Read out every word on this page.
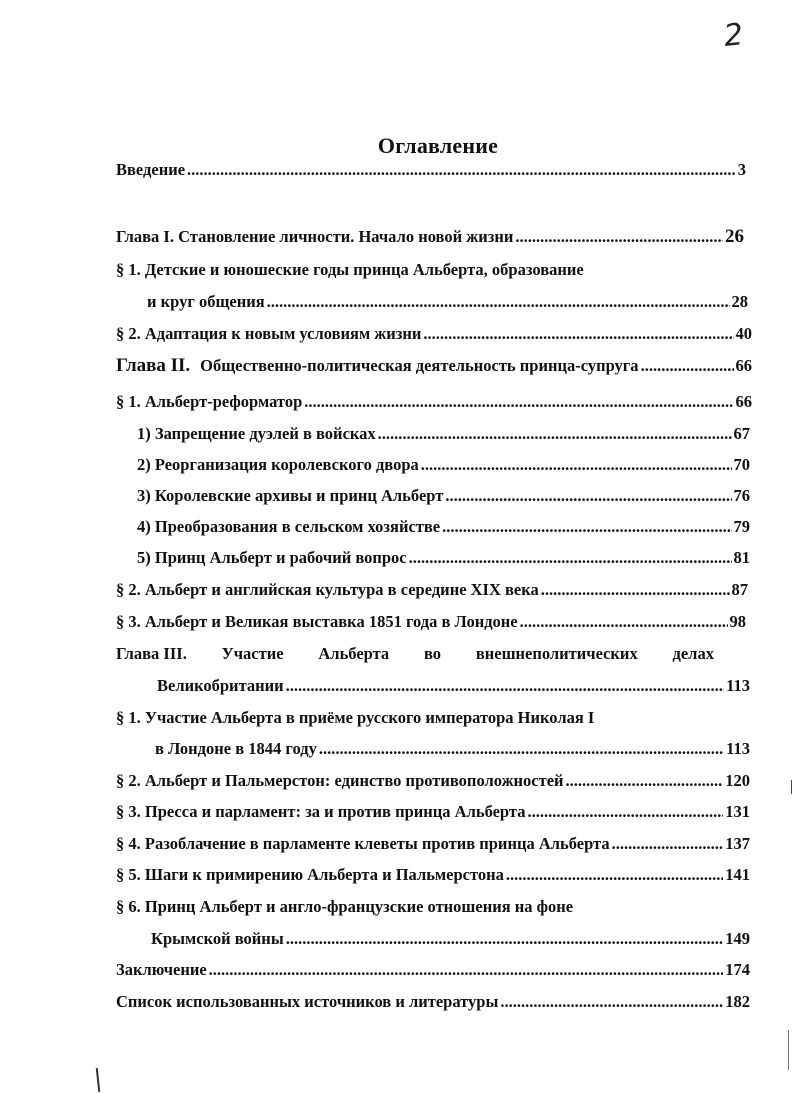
2
Оглавление
Введение .....	3
Глава I. Становление личности. Начало новой жизни .....	26
§ 1. Детские и юношеские годы принца Альберта, образование
и круг общения .....	28
§ 2. Адаптация к новым условиям жизни .....	40
Глава II. Общественно-политическая деятельность принца-супруга .....	66
§ 1. Альберт-реформатор .....	66
1) Запрещение дуэлей в войсках .....	67
2) Реорганизация королевского двора .....	70
3) Королевские архивы и принц Альберт .....	76
4) Преобразования в сельском хозяйстве .....	79
5) Принц Альберт и рабочий вопрос .....	81
§ 2. Альберт и английская культура в середине XIX века .....	87
§ 3. Альберт и Великая выставка 1851 года в Лондоне .....	98
Глава III. Участие Альберта во внешнеполитических делах
Великобритании .....	113
§ 1. Участие Альберта в приёме русского императора Николая I
в Лондоне в 1844 году .....	113
§ 2. Альберт и Пальмерстон: единство противоположностей .....	120
§ 3. Пресса и парламент: за и против принца Альберта .....	131
§ 4. Разоблачение в парламенте клеветы против принца Альберта .....	137
§ 5. Шаги к примирению Альберта и Пальмерстона .....	141
§ 6. Принц Альберт и англо-французские отношения на фоне
Крымской войны .....	149
Заключение .....	174
Список использованных источников и литературы .....	182
